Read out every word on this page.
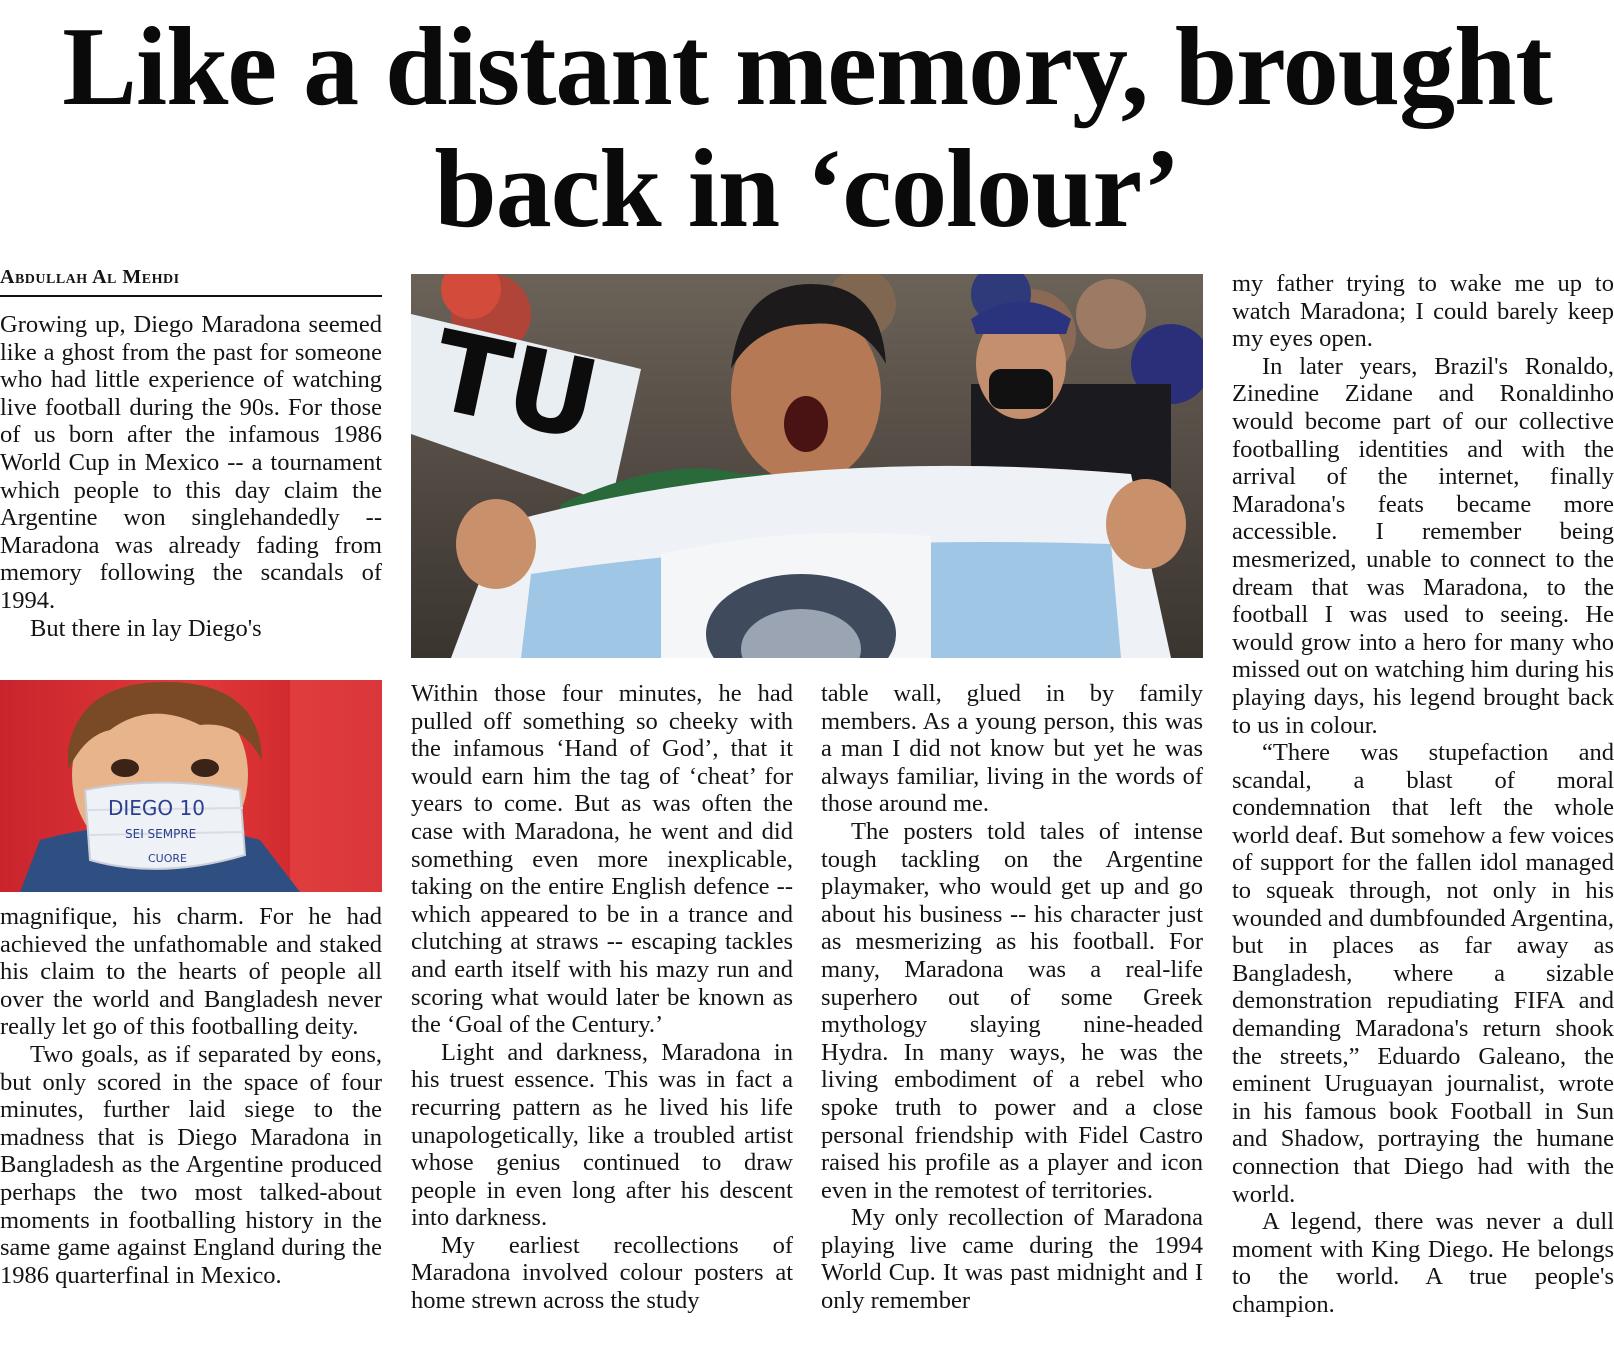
Like a distant memory, brought
back in ‘colour’
Abdullah Al Mehdi

Growing up, Diego Maradona seemed like a ghost from the past for someone who had little experience of watching live football during the 90s. For those of us born after the infamous 1986 World Cup in Mexico -- a tournament which people to this day claim the Argentine won singlehandedly -- Maradona was already fading from memory following the scandals of 1994.

But there in lay Diego's

DIEGO 10
SEI SEMPRE
CUORE

magnifique, his charm. For he had achieved the unfathomable and staked his claim to the hearts of people all over the world and Bangladesh never really let go of this footballing deity.

Two goals, as if separated by eons, but only scored in the space of four minutes, further laid siege to the madness that is Diego Maradona in Bangladesh as the Argentine produced perhaps the two most talked-about moments in footballing history in the same game against England during the 1986 quarterfinal in Mexico.

TU

Within those four minutes, he had pulled off something so cheeky with the infamous ‘Hand of God’, that it would earn him the tag of ‘cheat’ for years to come. But as was often the case with Maradona, he went and did something even more inexplicable, taking on the entire English defence --which appeared to be in a trance and clutching at straws -- escaping tackles and earth itself with his mazy run and scoring what would later be known as the ‘Goal of the Century.’

Light and darkness, Maradona in his truest essence. This was in fact a recurring pattern as he lived his life unapologetically, like a troubled artist whose genius continued to draw people in even long after his descent into darkness.

My earliest recollections of Maradona involved colour posters at home strewn across the study

table wall, glued in by family members. As a young person, this was a man I did not know but yet he was always familiar, living in the words of those around me.

The posters told tales of intense tough tackling on the Argentine playmaker, who would get up and go about his business -- his character just as mesmerizing as his football. For many, Maradona was a real-life superhero out of some Greek mythology slaying nine-headed Hydra. In many ways, he was the living embodiment of a rebel who spoke truth to power and a close personal friendship with Fidel Castro raised his profile as a player and icon even in the remotest of territories.

My only recollection of Maradona playing live came during the 1994 World Cup. It was past midnight and I only remember

my father trying to wake me up to watch Maradona; I could barely keep my eyes open.

In later years, Brazil's Ronaldo, Zinedine Zidane and Ronaldinho would become part of our collective footballing identities and with the arrival of the internet, finally Maradona's feats became more accessible. I remember being mesmerized, unable to connect to the dream that was Maradona, to the football I was used to seeing. He would grow into a hero for many who missed out on watching him during his playing days, his legend brought back to us in colour.

“There was stupefaction and scandal, a blast of moral condemnation that left the whole world deaf. But somehow a few voices of support for the fallen idol managed to squeak through, not only in his wounded and dumbfounded Argentina, but in places as far away as Bangladesh, where a sizable demonstration repudiating FIFA and demanding Maradona's return shook the streets,” Eduardo Galeano, the eminent Uruguayan journalist, wrote in his famous book Football in Sun and Shadow, portraying the humane connection that Diego had with the world.

A legend, there was never a dull moment with King Diego. He belongs to the world. A true people's champion.
